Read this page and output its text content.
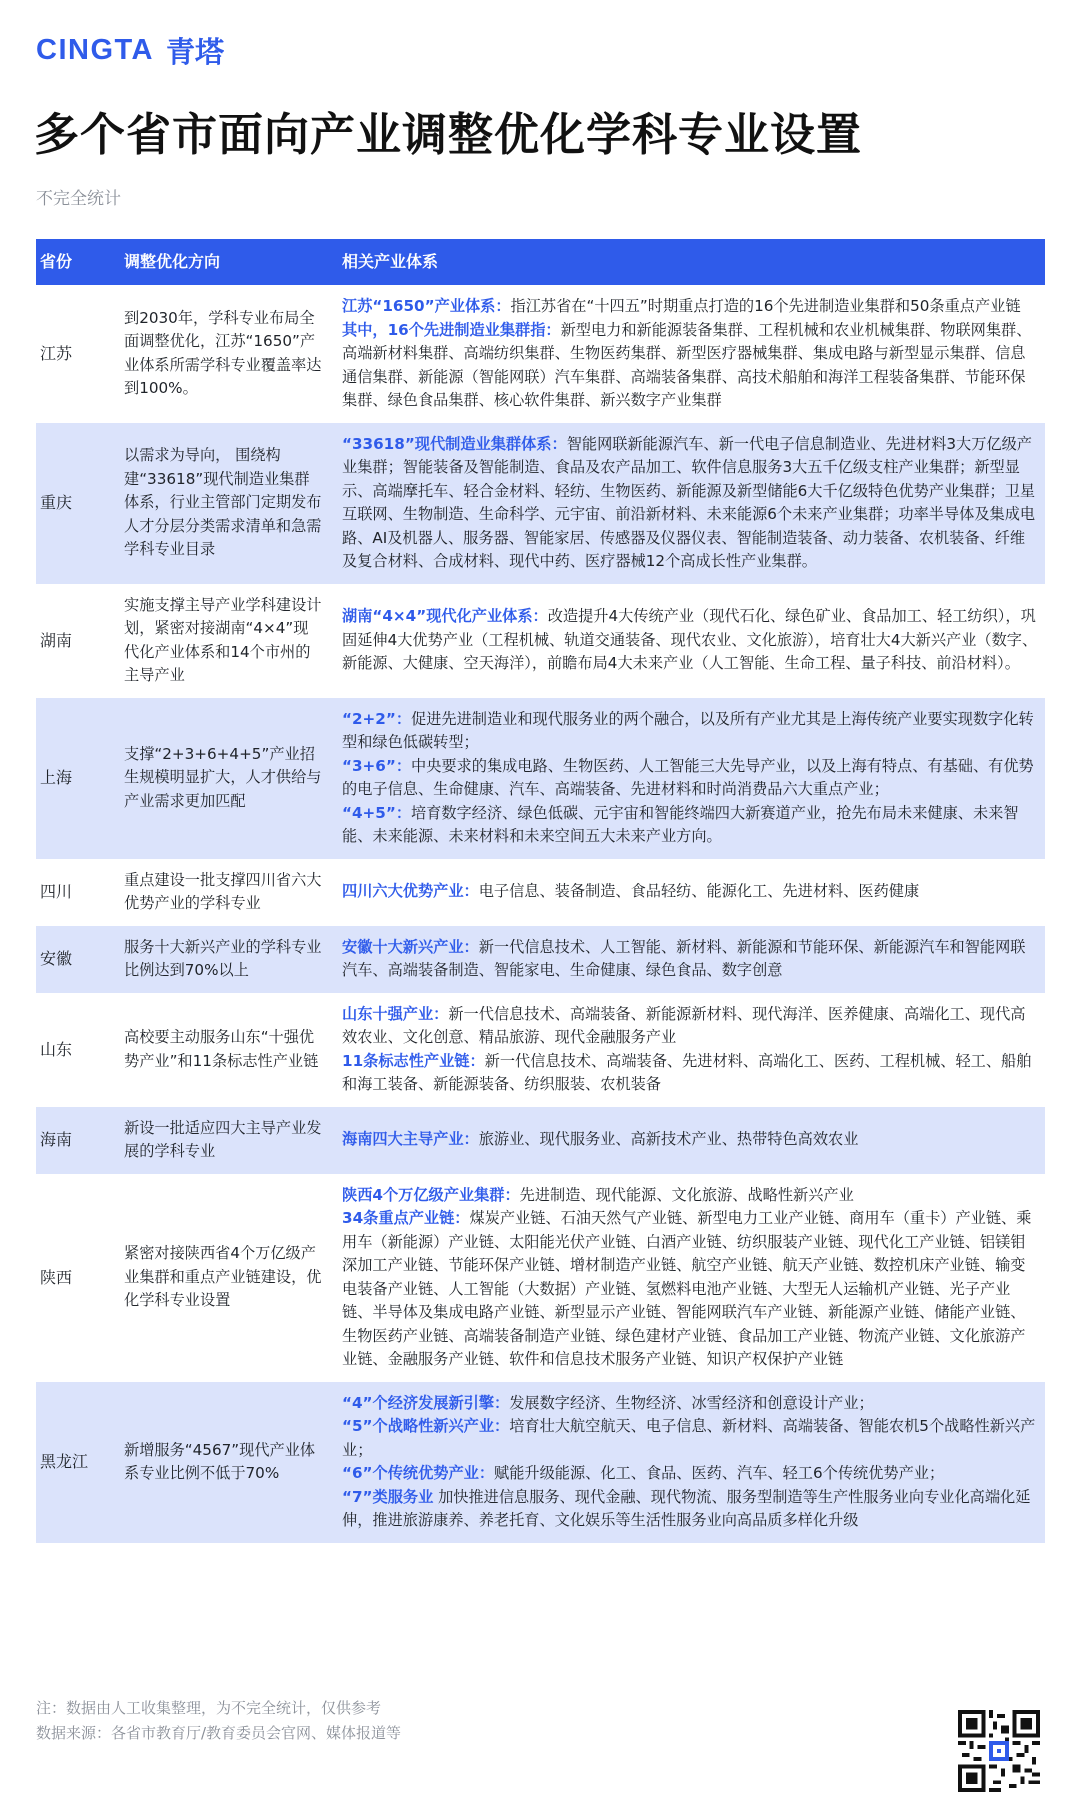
CINGTA 青塔
多个省市面向产业调整优化学科专业设置
不完全统计
省份	调整优化方向	相关产业体系
江苏	到2030年，学科专业布局全面调整优化，江苏“1650”产业体系所需学科专业覆盖率达到100%。	江苏“1650”产业体系：指江苏省在“十四五”时期重点打造的16个先进制造业集群和50条重点产业链

其中，16个先进制造业集群指：新型电力和新能源装备集群、工程机械和农业机械集群、物联网集群、高端新材料集群、高端纺织集群、生物医药集群、新型医疗器械集群、集成电路与新型显示集群、信息通信集群、新能源（智能网联）汽车集群、高端装备集群、高技术船舶和海洋工程装备集群、节能环保集群、绿色食品集群、核心软件集群、新兴数字产业集群

重庆	以需求为导向， 围绕构建“33618”现代制造业集群体系，行业主管部门定期发布人才分层分类需求清单和急需学科专业目录	“33618”现代制造业集群体系：智能网联新能源汽车、新一代电子信息制造业、先进材料3大万亿级产业集群；智能装备及智能制造、食品及农产品加工、软件信息服务3大五千亿级支柱产业集群；新型显示、高端摩托车、轻合金材料、轻纺、生物医药、新能源及新型储能6大千亿级特色优势产业集群；卫星互联网、生物制造、生命科学、元宇宙、前沿新材料、未来能源6个未来产业集群；功率半导体及集成电路、AI及机器人、服务器、智能家居、传感器及仪器仪表、智能制造装备、动力装备、农机装备、纤维及复合材料、合成材料、现代中药、医疗器械12个高成长性产业集群。

湖南	实施支撑主导产业学科建设计划，紧密对接湖南“4×4”现代化产业体系和14个市州的主导产业	湖南“4×4”现代化产业体系：改造提升4大传统产业（现代石化、绿色矿业、食品加工、轻工纺织），巩固延伸4大优势产业（工程机械、轨道交通装备、现代农业、文化旅游），培育壮大4大新兴产业（数字、新能源、大健康、空天海洋），前瞻布局4大未来产业（人工智能、生命工程、量子科技、前沿材料）。

上海	支撑“2+3+6+4+5”产业招生规模明显扩大，人才供给与产业需求更加匹配	“2+2”：促进先进制造业和现代服务业的两个融合，以及所有产业尤其是上海传统产业要实现数字化转型和绿色低碳转型；

“3+6”：中央要求的集成电路、生物医药、人工智能三大先导产业，以及上海有特点、有基础、有优势的电子信息、生命健康、汽车、高端装备、先进材料和时尚消费品六大重点产业；

“4+5”：培育数字经济、绿色低碳、元宇宙和智能终端四大新赛道产业，抢先布局未来健康、未来智能、未来能源、未来材料和未来空间五大未来产业方向。

四川	重点建设一批支撑四川省六大优势产业的学科专业	四川六大优势产业：电子信息、装备制造、食品轻纺、能源化工、先进材料、医药健康

安徽	服务十大新兴产业的学科专业比例达到70%以上	安徽十大新兴产业：新一代信息技术、人工智能、新材料、新能源和节能环保、新能源汽车和智能网联汽车、高端装备制造、智能家电、生命健康、绿色食品、数字创意

山东	高校要主动服务山东“十强优势产业”和11条标志性产业链	山东十强产业：新一代信息技术、高端装备、新能源新材料、现代海洋、医养健康、高端化工、现代高效农业、文化创意、精品旅游、现代金融服务产业

11条标志性产业链：新一代信息技术、高端装备、先进材料、高端化工、医药、工程机械、轻工、船舶和海工装备、新能源装备、纺织服装、农机装备

海南	新设一批适应四大主导产业发展的学科专业	海南四大主导产业：旅游业、现代服务业、高新技术产业、热带特色高效农业

陕西	紧密对接陕西省4个万亿级产业集群和重点产业链建设，优化学科专业设置	陕西4个万亿级产业集群：先进制造、现代能源、文化旅游、战略性新兴产业

34条重点产业链：煤炭产业链、石油天然气产业链、新型电力工业产业链、商用车（重卡）产业链、乘用车（新能源）产业链、太阳能光伏产业链、白酒产业链、纺织服装产业链、现代化工产业链、铝镁钼深加工产业链、节能环保产业链、增材制造产业链、航空产业链、航天产业链、数控机床产业链、输变电装备产业链、人工智能（大数据）产业链、氢燃料电池产业链、大型无人运输机产业链、光子产业链、半导体及集成电路产业链、新型显示产业链、智能网联汽车产业链、新能源产业链、储能产业链、生物医药产业链、高端装备制造产业链、绿色建材产业链、食品加工产业链、物流产业链、文化旅游产业链、金融服务产业链、软件和信息技术服务产业链、知识产权保护产业链

黑龙江	新增服务“4567”现代产业体系专业比例不低于70%	“4”个经济发展新引擎：发展数字经济、生物经济、冰雪经济和创意设计产业；

“5”个战略性新兴产业：培育壮大航空航天、电子信息、新材料、高端装备、智能农机5个战略性新兴产业；

“6”个传统优势产业：赋能升级能源、化工、食品、医药、汽车、轻工6个传统优势产业；

“7”类服务业 加快推进信息服务、现代金融、现代物流、服务型制造等生产性服务业向专业化高端化延伸，推进旅游康养、养老托育、文化娱乐等生活性服务业向高品质多样化升级

注：数据由人工收集整理，为不完全统计，仅供参考
数据来源：各省市教育厅/教育委员会官网、媒体报道等
